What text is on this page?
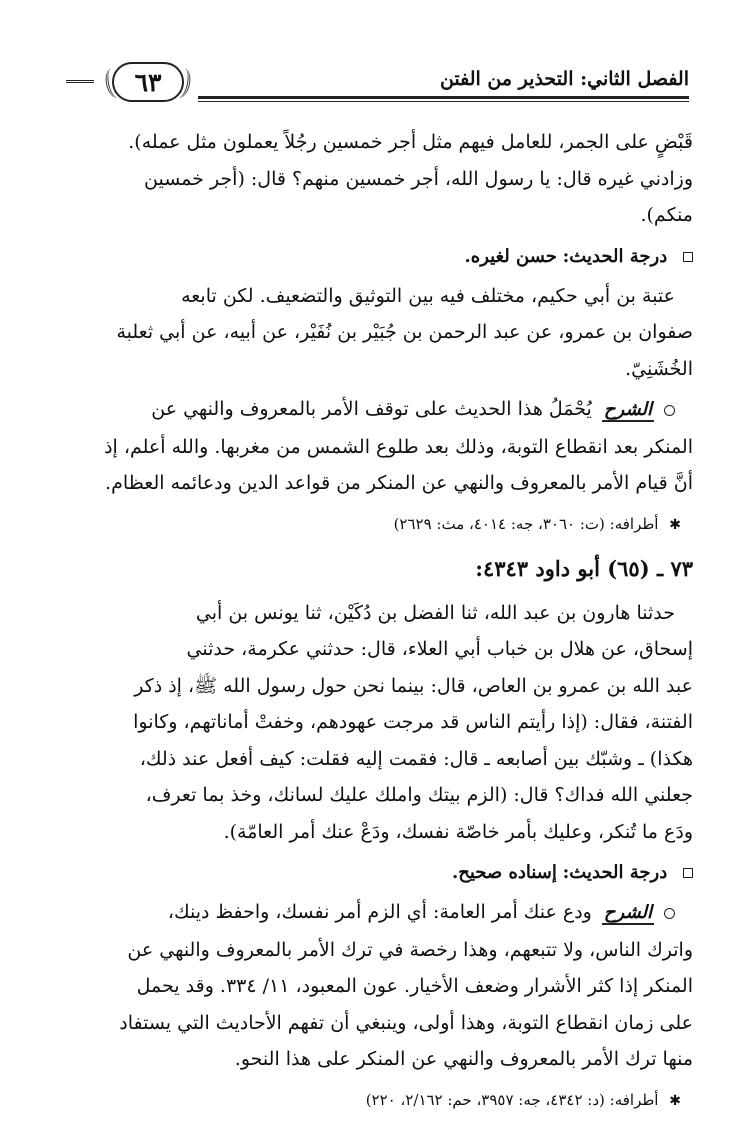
الفصل الثاني: التحذير من الفتن
٦٣

قَبْضٍ على الجمر، للعامل فيهم مثل أجر خمسين رجُلاً يعملون مثل عمله).

وزادني غيره قال: يا رسول الله، أجر خمسين منهم؟ قال: (أجر خمسين

منكم).

درجة الحديث: حسن لغيره.

عتبة بن أبي حكيم، مختلف فيه بين التوثيق والتضعيف. لكن تابعه

صفوان بن عمرو، عن عبد الرحمن بن جُبَيْر بن نُفَيْر، عن أبيه، عن أبي ثعلبة

الخُشَنِيّ.

الشرح يُحْمَلُ هذا الحديث على توقف الأمر بالمعروف والنهي عن

المنكر بعد انقطاع التوبة، وذلك بعد طلوع الشمس من مغربها. والله أعلم، إذ

أنَّ قيام الأمر بالمعروف والنهي عن المنكر من قواعد الدين ودعائمه العظام.

✱ أطرافه: (ت: ٣٠٦٠، جه: ٤٠١٤، مث: ٢٦٢٩)
٧٣ ـ (٦٥) أبو داود ٤٣٤٣:

حدثنا هارون بن عبد الله، ثنا الفضل بن دُكَيْن، ثنا يونس بن أبي

إسحاق، عن هلال بن خباب أبي العلاء، قال: حدثني عكرمة، حدثني

عبد الله بن عمرو بن العاص، قال: بينما نحن حول رسول الله ﷺ، إذ ذكر

الفتنة، فقال: (إذا رأيتم الناس قد مرجت عهودهم، وخفتْ أماناتهم، وكانوا

هكذا) ـ وشبّك بين أصابعه ـ قال: فقمت إليه فقلت: كيف أفعل عند ذلك،

جعلني الله فداك؟ قال: (الزم بيتك واملك عليك لسانك، وخذ بما تعرف،

ودَع ما تُنكر، وعليك بأمر خاصّة نفسك، ودَعْ عنك أمر العامّة).

درجة الحديث: إسناده صحيح.

الشرح ودع عنك أمر العامة: أي الزم أمر نفسك، واحفظ دينك،

واترك الناس، ولا تتبعهم، وهذا رخصة في ترك الأمر بالمعروف والنهي عن

المنكر إذا كثر الأشرار وضعف الأخيار. عون المعبود، ١١/ ٣٣٤. وقد يحمل

على زمان انقطاع التوبة، وهذا أولى، وينبغي أن تفهم الأحاديث التي يستفاد

منها ترك الأمر بالمعروف والنهي عن المنكر على هذا النحو.

✱ أطرافه: (د: ٤٣٤٢، جه: ٣٩٥٧، حم: ٢/١٦٢، ٢٢٠)
